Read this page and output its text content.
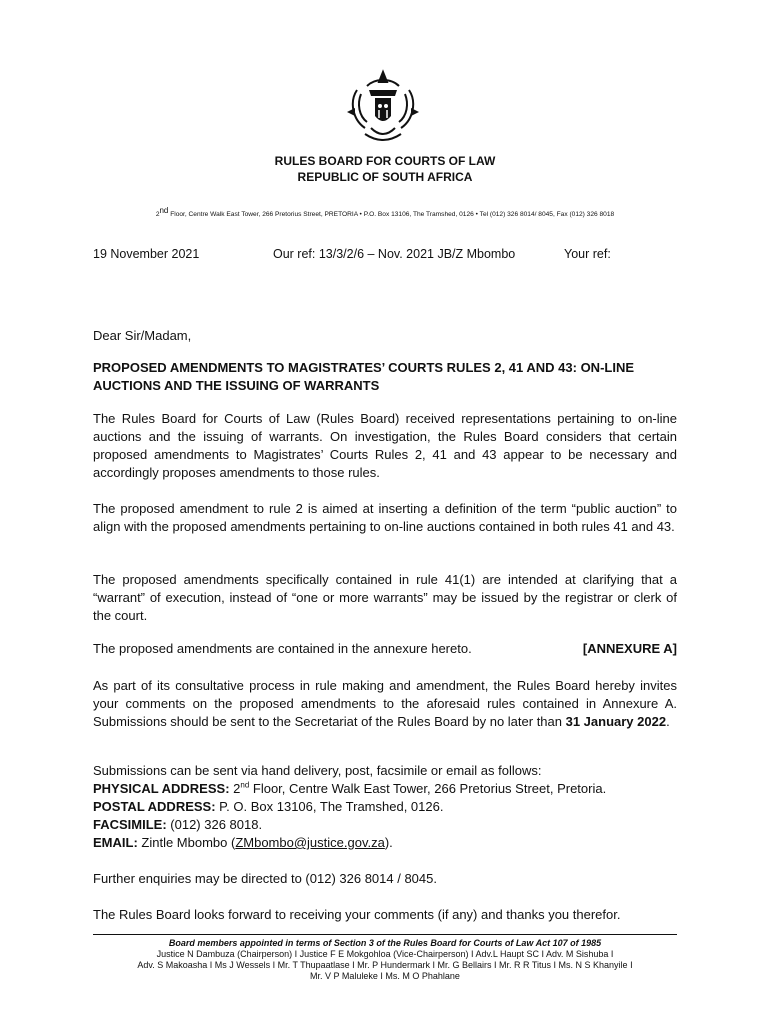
RULES BOARD FOR COURTS OF LAW
REPUBLIC OF SOUTH AFRICA
2nd Floor, Centre Walk East Tower, 266 Pretorius Street, PRETORIA • P.O. Box 13106, The Tramshed, 0126 • Tel (012) 326 8014/ 8045, Fax (012) 326 8018
19 November 2021	Our ref: 13/3/2/6 – Nov. 2021 JB/Z Mbombo	Your ref:
Dear Sir/Madam,
PROPOSED AMENDMENTS TO MAGISTRATES’ COURTS RULES 2, 41 AND 43: ON-LINE
AUCTIONS AND THE ISSUING OF WARRANTS
The Rules Board for Courts of Law (Rules Board) received representations pertaining to on-line auctions and the issuing of warrants. On investigation, the Rules Board considers that certain proposed amendments to Magistrates’ Courts Rules 2, 41 and 43 appear to be necessary and accordingly proposes amendments to those rules.
The proposed amendment to rule 2 is aimed at inserting a definition of the term “public auction” to align with the proposed amendments pertaining to on-line auctions contained in both rules 41 and 43.
The proposed amendments specifically contained in rule 41(1) are intended at clarifying that a “warrant” of execution, instead of “one or more warrants” may be issued by the registrar or clerk of the court.
The proposed amendments are contained in the annexure hereto.	[ANNEXURE A]
As part of its consultative process in rule making and amendment, the Rules Board hereby invites your comments on the proposed amendments to the aforesaid rules contained in Annexure A. Submissions should be sent to the Secretariat of the Rules Board by no later than 31 January 2022.
Submissions can be sent via hand delivery, post, facsimile or email as follows:
PHYSICAL ADDRESS: 2nd Floor, Centre Walk East Tower, 266 Pretorius Street, Pretoria.
POSTAL ADDRESS: P. O. Box 13106, The Tramshed, 0126.
FACSIMILE: (012) 326 8018.
EMAIL: Zintle Mbombo (ZMbombo@justice.gov.za).
Further enquiries may be directed to (012) 326 8014 / 8045.
The Rules Board looks forward to receiving your comments (if any) and thanks you therefor.
Board members appointed in terms of Section 3 of the Rules Board for Courts of Law Act 107 of 1985
Justice N Dambuza (Chairperson) I Justice F E Mokgohloa (Vice-Chairperson) I Adv.L Haupt SC I Adv. M Sishuba I
Adv. S Makoasha I Ms J Wessels I Mr. T Thupaatlase I Mr. P Hundermark I Mr. G Bellairs I Mr. R R Titus I Ms. N S Khanyile I
Mr. V P Maluleke I Ms. M O Phahlane
